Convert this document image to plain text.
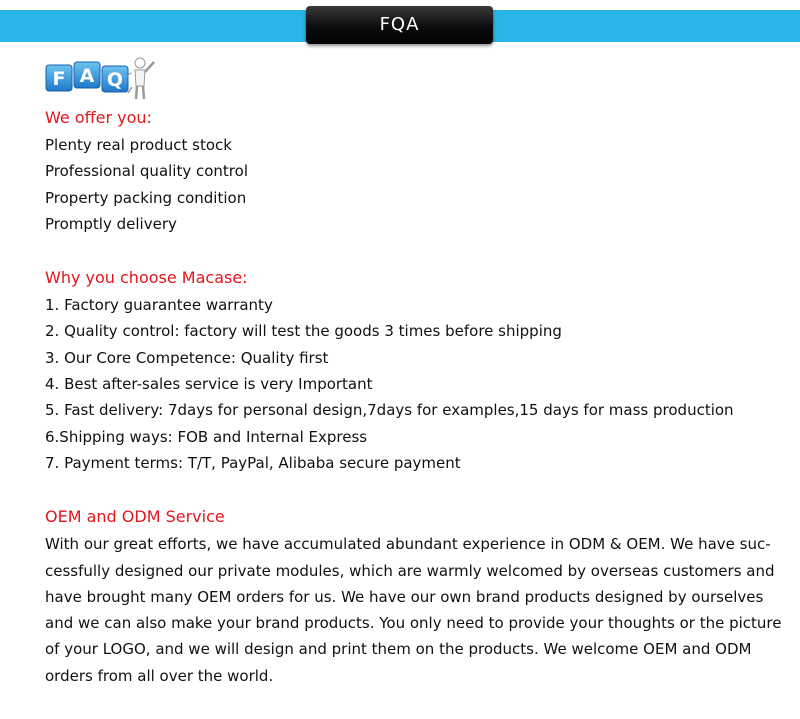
FQA
F A Q

We offer you:

Plenty real product stock

Professional quality control

Property packing condition

Promptly delivery

Why you choose Macase:

1. Factory guarantee warranty

2. Quality control: factory will test the goods 3 times before shipping

3. Our Core Competence: Quality first

4. Best after-sales service is very Important

5. Fast delivery: 7days for personal design,7days for examples,15 days for mass production

6.Shipping ways: FOB and Internal Express

7. Payment terms: T/T, PayPal, Alibaba secure payment

OEM and ODM Service

With our great efforts, we have accumulated abundant experience in ODM & OEM. We have suc-
cessfully designed our private modules, which are warmly welcomed by overseas customers and
have brought many OEM orders for us. We have our own brand products designed by ourselves
and we can also make your brand products. You only need to provide your thoughts or the picture
of your LOGO, and we will design and print them on the products. We welcome OEM and ODM
orders from all over the world.
